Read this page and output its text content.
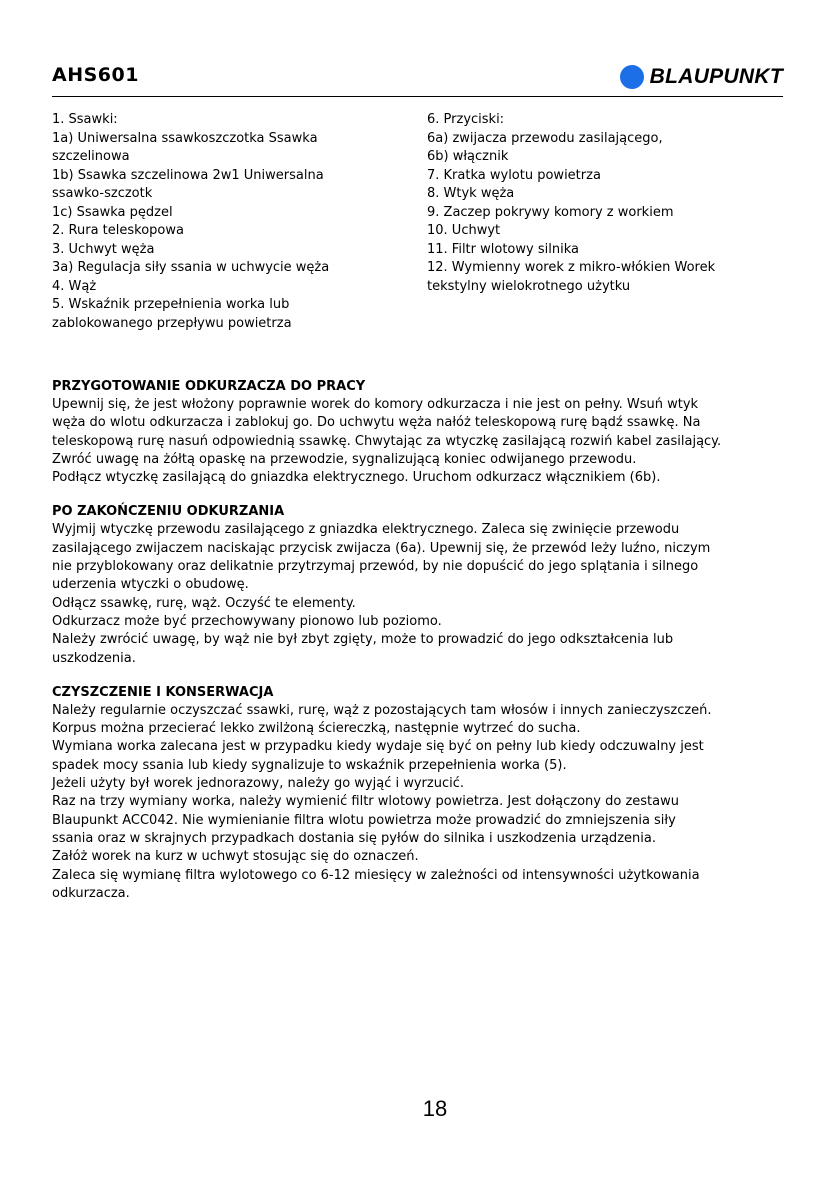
AHS601	BLAUPUNKT
1. Ssawki:
1a) Uniwersalna ssawkoszczotka Ssawka
szczelinowa
1b) Ssawka szczelinowa 2w1 Uniwersalna
ssawko-szczotk
1c) Ssawka pędzel
2. Rura teleskopowa
3. Uchwyt węża
3a) Regulacja siły ssania w uchwycie węża
4. Wąż
5. Wskaźnik przepełnienia worka lub
zablokowanego przepływu powietrza
6. Przyciski:
6a) zwijacza przewodu zasilającego,
6b) włącznik
7. Kratka wylotu powietrza
8. Wtyk węża
9. Zaczep pokrywy komory z workiem
10. Uchwyt
11. Filtr wlotowy silnika
12. Wymienny worek z mikro-włókien Worek
tekstylny wielokrotnego użytku
PRZYGOTOWANIE ODKURZACZA DO PRACY
Upewnij się, że jest włożony poprawnie worek do komory odkurzacza i nie jest on pełny. Wsuń wtyk
węża do wlotu odkurzacza i zablokuj go. Do uchwytu węża nałóż teleskopową rurę bądź ssawkę. Na
teleskopową rurę nasuń odpowiednią ssawkę. Chwytając za wtyczkę zasilającą rozwiń kabel zasilający.
Zwróć uwagę na żółtą opaskę na przewodzie, sygnalizującą koniec odwijanego przewodu.
Podłącz wtyczkę zasilającą do gniazdka elektrycznego. Uruchom odkurzacz włącznikiem (6b).
PO ZAKOŃCZENIU ODKURZANIA
Wyjmij wtyczkę przewodu zasilającego z gniazdka elektrycznego. Zaleca się zwinięcie przewodu
zasilającego zwijaczem naciskając przycisk zwijacza (6a). Upewnij się, że przewód leży luźno, niczym
nie przyblokowany oraz delikatnie przytrzymaj przewód, by nie dopuścić do jego splątania i silnego
uderzenia wtyczki o obudowę.
Odłącz ssawkę, rurę, wąż. Oczyść te elementy.
Odkurzacz może być przechowywany pionowo lub poziomo.
Należy zwrócić uwagę, by wąż nie był zbyt zgięty, może to prowadzić do jego odkształcenia lub
uszkodzenia.
CZYSZCZENIE I KONSERWACJA
Należy regularnie oczyszczać ssawki, rurę, wąż z pozostających tam włosów i innych zanieczyszczeń.
Korpus można przecierać lekko zwilżoną ściereczką, następnie wytrzeć do sucha.
Wymiana worka zalecana jest w przypadku kiedy wydaje się być on pełny lub kiedy odczuwalny jest
spadek mocy ssania lub kiedy sygnalizuje to wskaźnik przepełnienia worka (5).
Jeżeli użyty był worek jednorazowy, należy go wyjąć i wyrzucić.
Raz na trzy wymiany worka, należy wymienić filtr wlotowy powietrza. Jest dołączony do zestawu
Blaupunkt ACC042. Nie wymienianie filtra wlotu powietrza może prowadzić do zmniejszenia siły
ssania oraz w skrajnych przypadkach dostania się pyłów do silnika i uszkodzenia urządzenia.
Załóż worek na kurz w uchwyt stosując się do oznaczeń.
Zaleca się wymianę filtra wylotowego co 6-12 miesięcy w zależności od intensywności użytkowania
odkurzacza.
18
